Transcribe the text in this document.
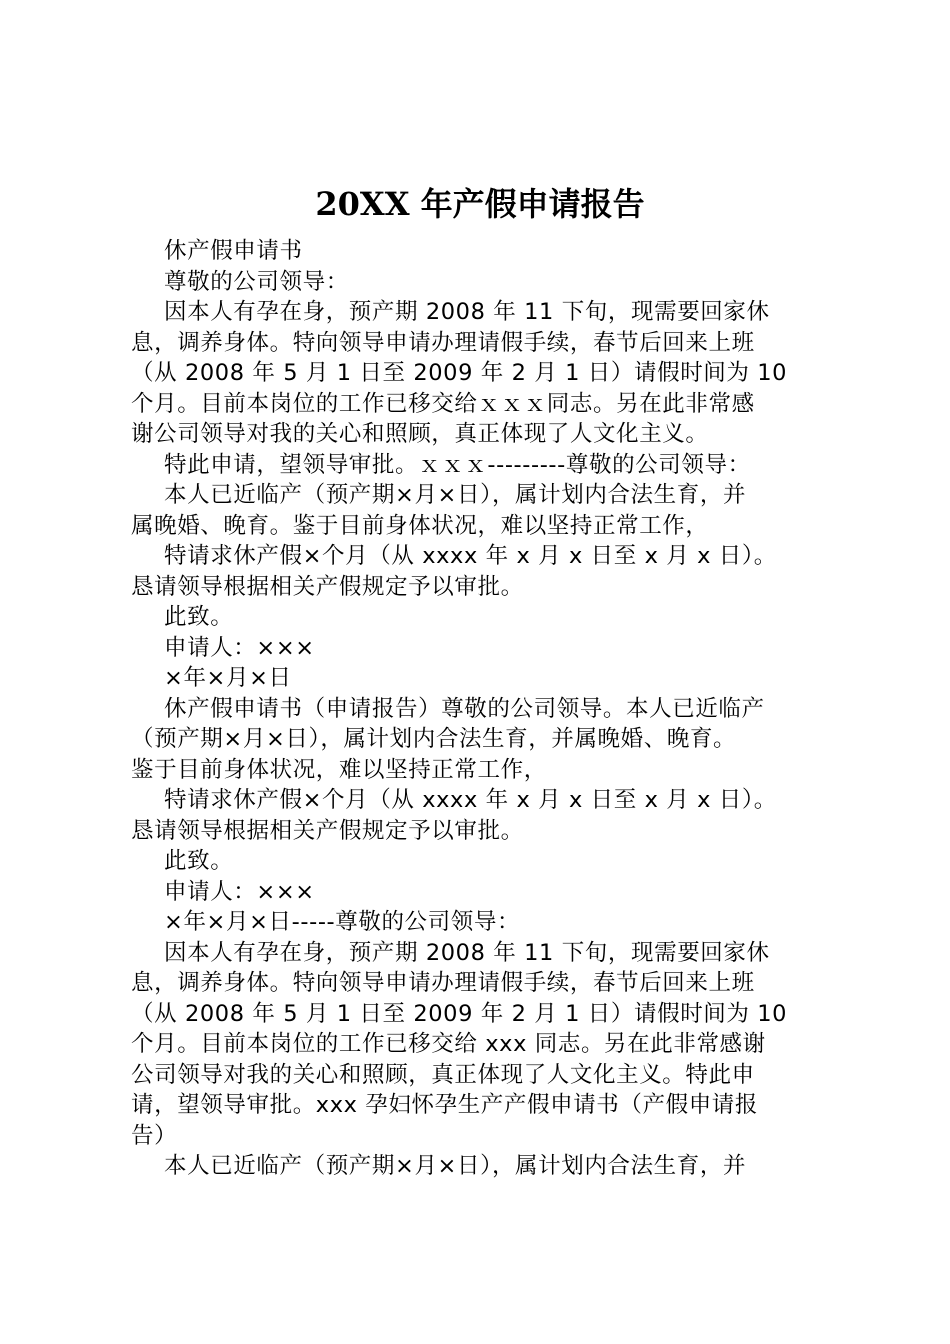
20XX 年产假申请报告
休产假申请书
尊敬的公司领导：
因本人有孕在身，预产期 2008 年 11 下旬，现需要回家休
息，调养身体。特向领导申请办理请假手续，春节后回来上班
（从 2008 年 5 月 1 日至 2009 年 2 月 1 日）请假时间为 10
个月。目前本岗位的工作已移交给ｘｘｘ同志。另在此非常感
谢公司领导对我的关心和照顾，真正体现了人文化主义。
特此申请，望领导审批。ｘｘｘ---------尊敬的公司领导：
本人已近临产（预产期×月×日），属计划内合法生育，并
属晚婚、晚育。鉴于目前身体状况，难以坚持正常工作，
特请求休产假×个月（从 xxxx 年 x 月 x 日至 x 月 x 日）。
恳请领导根据相关产假规定予以审批。
此致。
申请人：×××
×年×月×日
休产假申请书（申请报告）尊敬的公司领导。本人已近临产
（预产期×月×日），属计划内合法生育，并属晚婚、晚育。
鉴于目前身体状况，难以坚持正常工作，
特请求休产假×个月（从 xxxx 年 x 月 x 日至 x 月 x 日）。
恳请领导根据相关产假规定予以审批。
此致。
申请人：×××
×年×月×日-----尊敬的公司领导：
因本人有孕在身，预产期 2008 年 11 下旬，现需要回家休
息，调养身体。特向领导申请办理请假手续，春节后回来上班
（从 2008 年 5 月 1 日至 2009 年 2 月 1 日）请假时间为 10
个月。目前本岗位的工作已移交给 xxx 同志。另在此非常感谢
公司领导对我的关心和照顾，真正体现了人文化主义。特此申
请，望领导审批。xxx 孕妇怀孕生产产假申请书（产假申请报
告）
本人已近临产（预产期×月×日），属计划内合法生育，并
